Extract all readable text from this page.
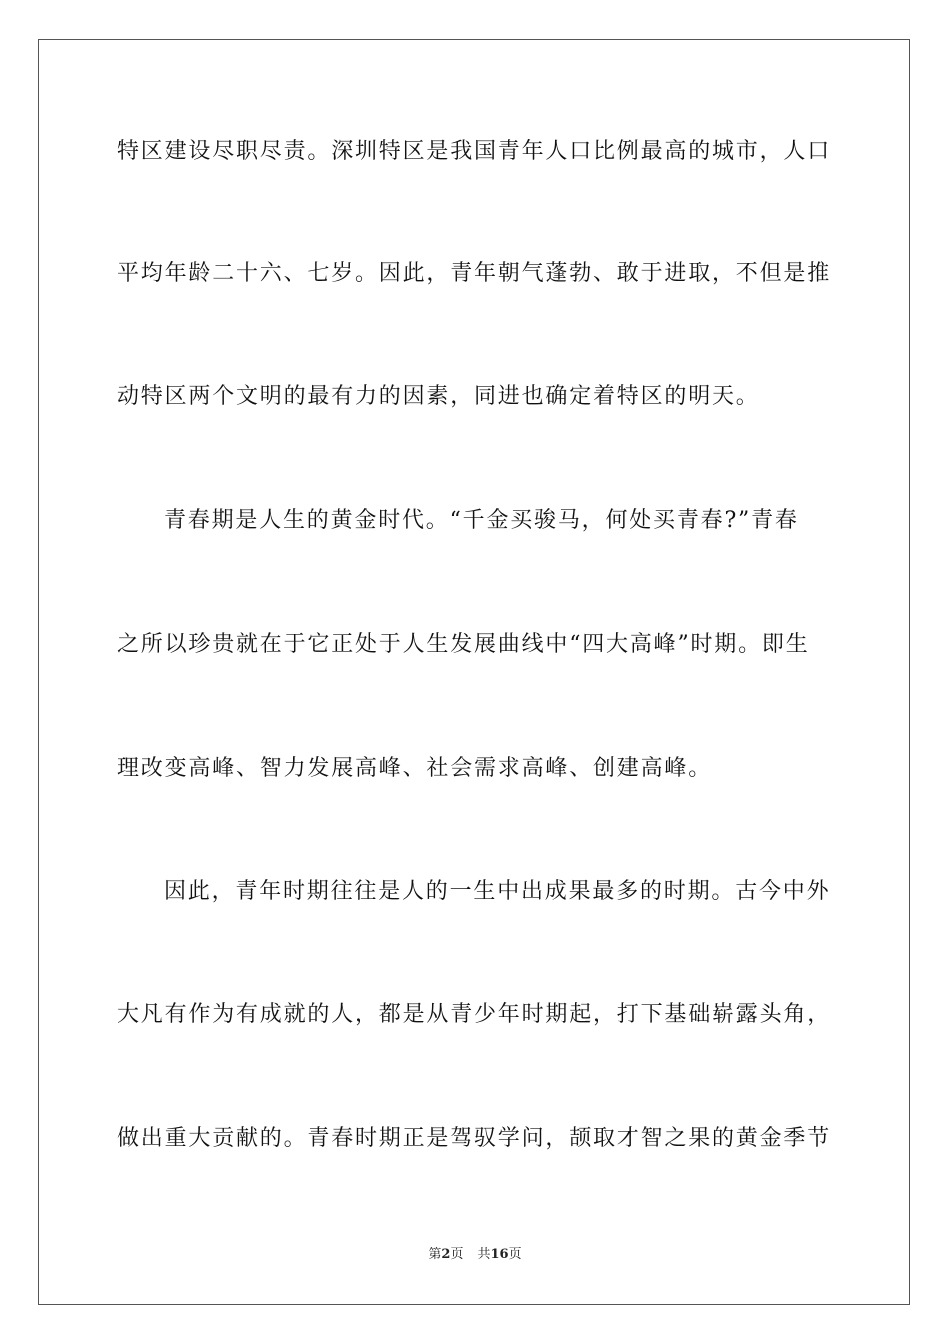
特区建设尽职尽责。深圳特区是我国青年人口比例最高的城市，人口
平均年龄二十六、七岁。因此，青年朝气蓬勃、敢于进取，不但是推
动特区两个文明的最有力的因素，同进也确定着特区的明天。
青春期是人生的黄金时代。“千金买骏马，何处买青春?”青春
之所以珍贵就在于它正处于人生发展曲线中“四大高峰”时期。即生
理改变高峰、智力发展高峰、社会需求高峰、创建高峰。
因此，青年时期往往是人的一生中出成果最多的时期。古今中外
大凡有作为有成就的人，都是从青少年时期起，打下基础崭露头角，
做出重大贡献的。青春时期正是驾驭学问，颉取才智之果的黄金季节
第2页 共16页
